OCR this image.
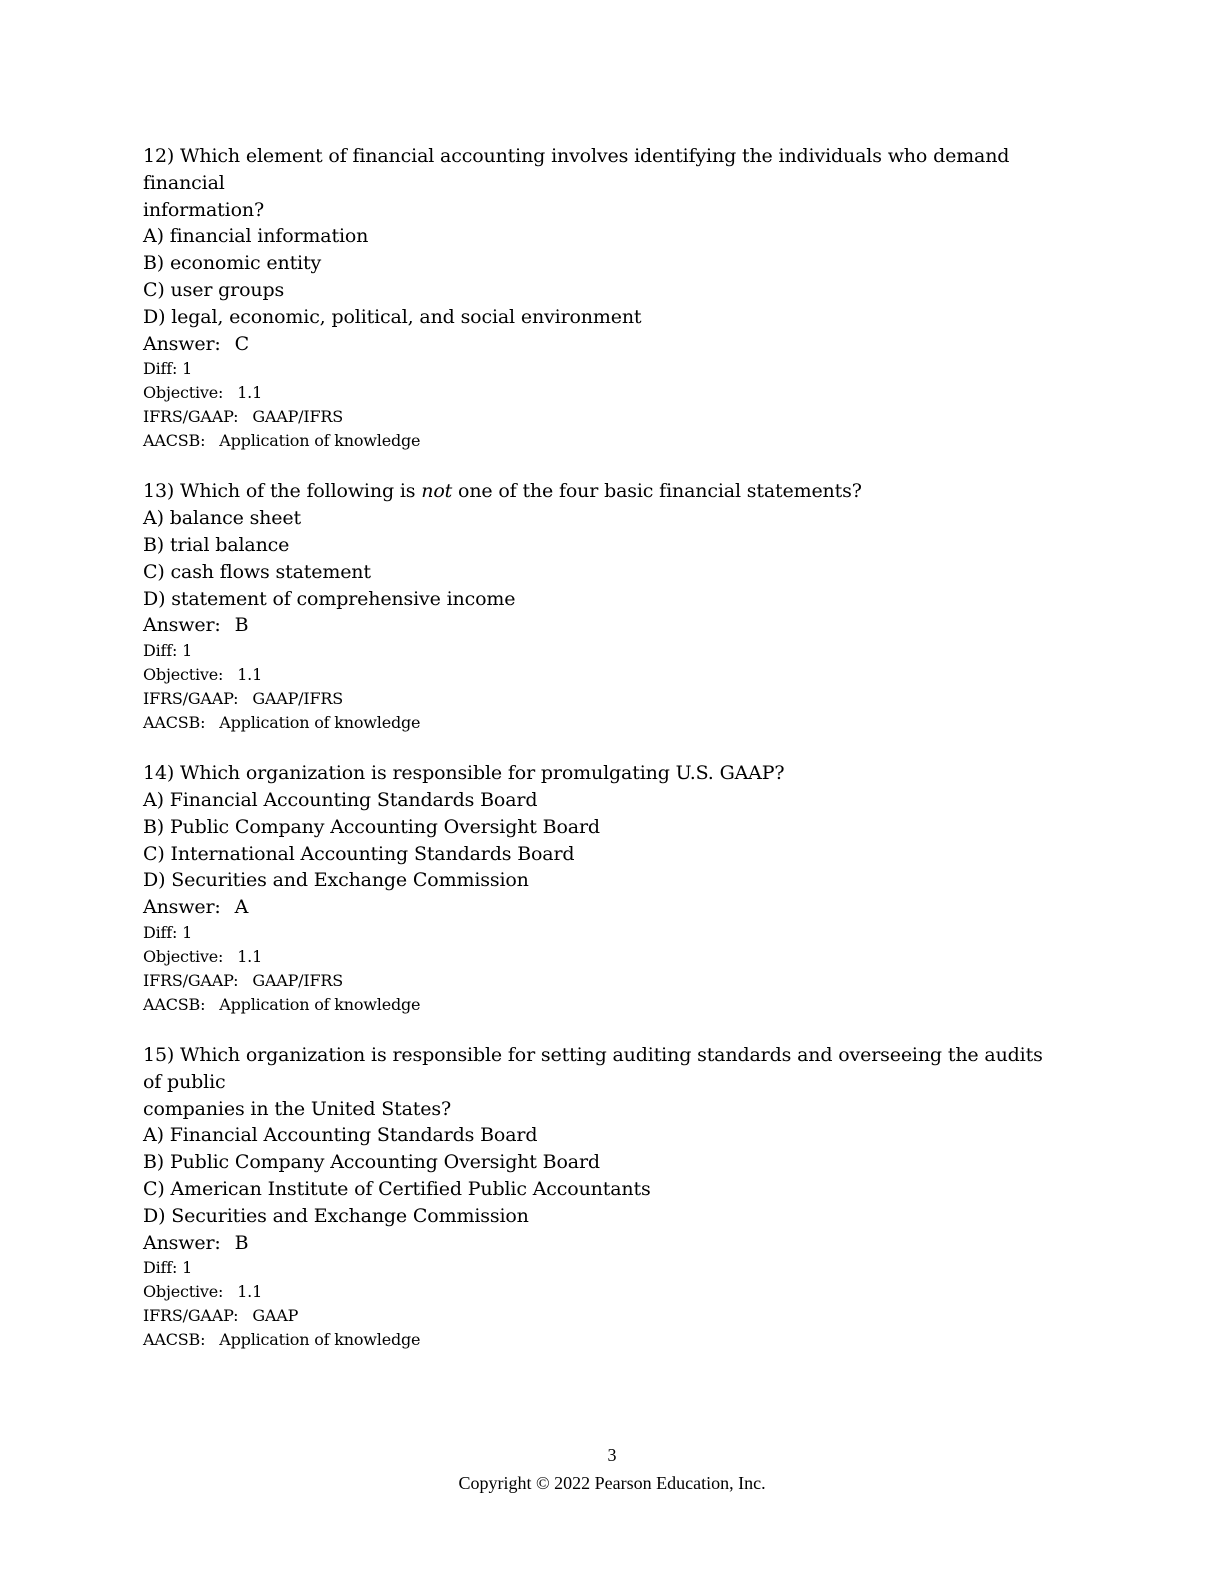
12) Which element of financial accounting involves identifying the individuals who demand financial
information?
A) financial information
B) economic entity
C) user groups
D) legal, economic, political, and social environment
Answer: C
Diff: 1
Objective: 1.1
IFRS/GAAP: GAAP/IFRS
AACSB: Application of knowledge
13) Which of the following is not one of the four basic financial statements?
A) balance sheet
B) trial balance
C) cash flows statement
D) statement of comprehensive income
Answer: B
Diff: 1
Objective: 1.1
IFRS/GAAP: GAAP/IFRS
AACSB: Application of knowledge
14) Which organization is responsible for promulgating U.S. GAAP?
A) Financial Accounting Standards Board
B) Public Company Accounting Oversight Board
C) International Accounting Standards Board
D) Securities and Exchange Commission
Answer: A
Diff: 1
Objective: 1.1
IFRS/GAAP: GAAP/IFRS
AACSB: Application of knowledge
15) Which organization is responsible for setting auditing standards and overseeing the audits of public
companies in the United States?
A) Financial Accounting Standards Board
B) Public Company Accounting Oversight Board
C) American Institute of Certified Public Accountants
D) Securities and Exchange Commission
Answer: B
Diff: 1
Objective: 1.1
IFRS/GAAP: GAAP
AACSB: Application of knowledge
3
Copyright © 2022 Pearson Education, Inc.
